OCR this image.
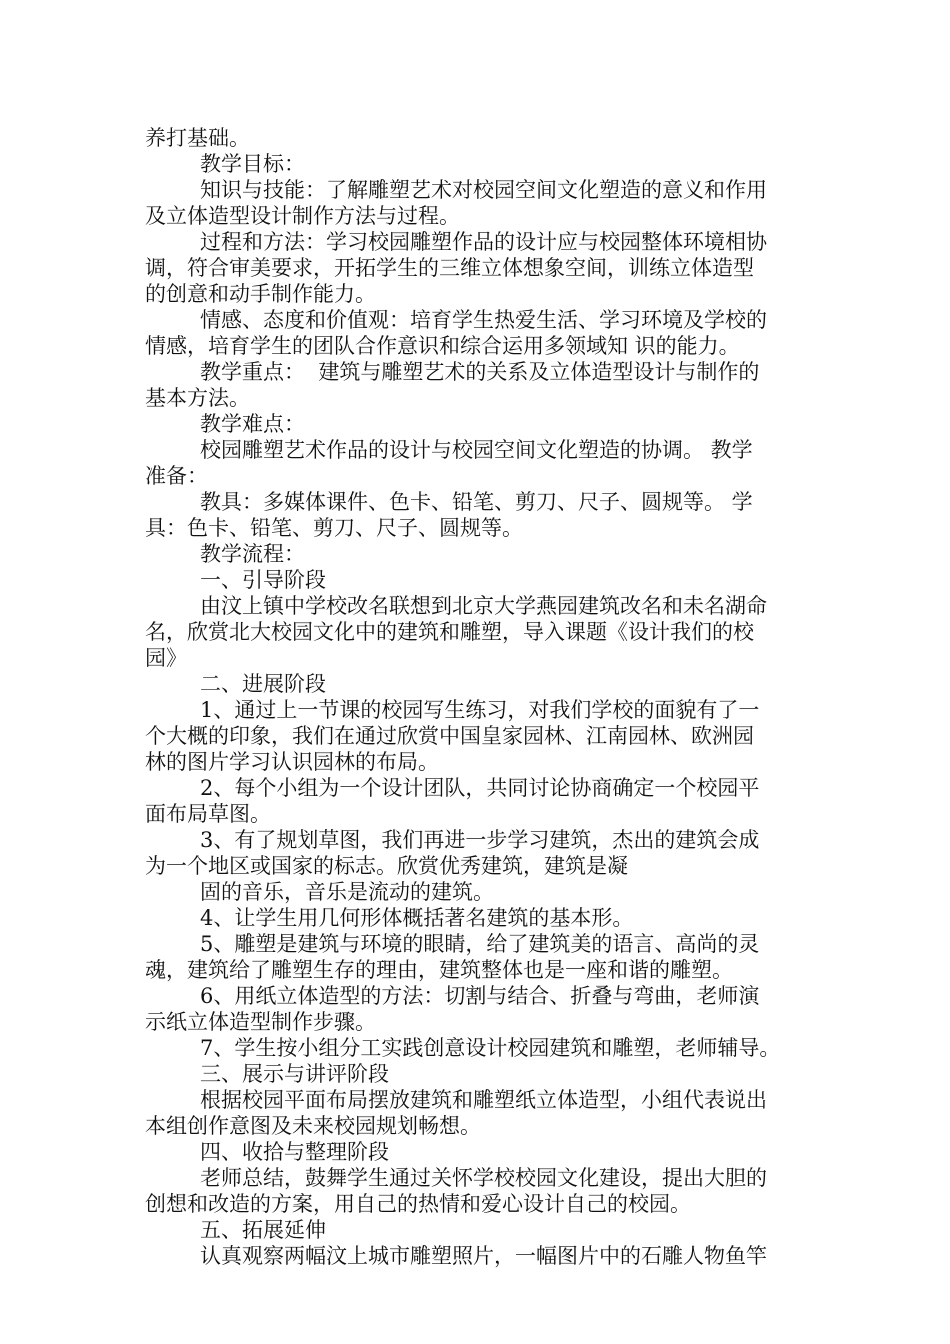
养打基础。

教学目标：

知识与技能：了解雕塑艺术对校园空间文化塑造的意义和作用

及立体造型设计制作方法与过程。

过程和方法：学习校园雕塑作品的设计应与校园整体环境相协

调，符合审美要求，开拓学生的三维立体想象空间，训练立体造型

的创意和动手制作能力。

情感、态度和价值观：培育学生热爱生活、学习环境及学校的

情感，培育学生的团队合作意识和综合运用多领域知 识的能力。

教学重点：  建筑与雕塑艺术的关系及立体造型设计与制作的

基本方法。

教学难点：

校园雕塑艺术作品的设计与校园空间文化塑造的协调。 教学

准备：

教具：多媒体课件、色卡、铅笔、剪刀、尺子、圆规等。 学

具：色卡、铅笔、剪刀、尺子、圆规等。

教学流程：

一、引导阶段

由汶上镇中学校改名联想到北京大学燕园建筑改名和未名湖命

名，欣赏北大校园文化中的建筑和雕塑，导入课题《设计我们的校

园》

二、进展阶段

1、通过上一节课的校园写生练习，对我们学校的面貌有了一

个大概的印象，我们在通过欣赏中国皇家园林、江南园林、欧洲园

林的图片学习认识园林的布局。

2、每个小组为一个设计团队，共同讨论协商确定一个校园平

面布局草图。

3、有了规划草图，我们再进一步学习建筑，杰出的建筑会成

为一个地区或国家的标志。欣赏优秀建筑，建筑是凝

固的音乐，音乐是流动的建筑。

4、让学生用几何形体概括著名建筑的基本形。

5、雕塑是建筑与环境的眼睛，给了建筑美的语言、高尚的灵

魂，建筑给了雕塑生存的理由，建筑整体也是一座和谐的雕塑。

6、用纸立体造型的方法：切割与结合、折叠与弯曲，老师演

示纸立体造型制作步骤。

7、学生按小组分工实践创意设计校园建筑和雕塑，老师辅导。

三、展示与讲评阶段

根据校园平面布局摆放建筑和雕塑纸立体造型，小组代表说出

本组创作意图及未来校园规划畅想。

四、收拾与整理阶段

老师总结，鼓舞学生通过关怀学校校园文化建设，提出大胆的

创想和改造的方案，用自己的热情和爱心设计自己的校园。

五、拓展延伸

认真观察两幅汶上城市雕塑照片，一幅图片中的石雕人物鱼竿
